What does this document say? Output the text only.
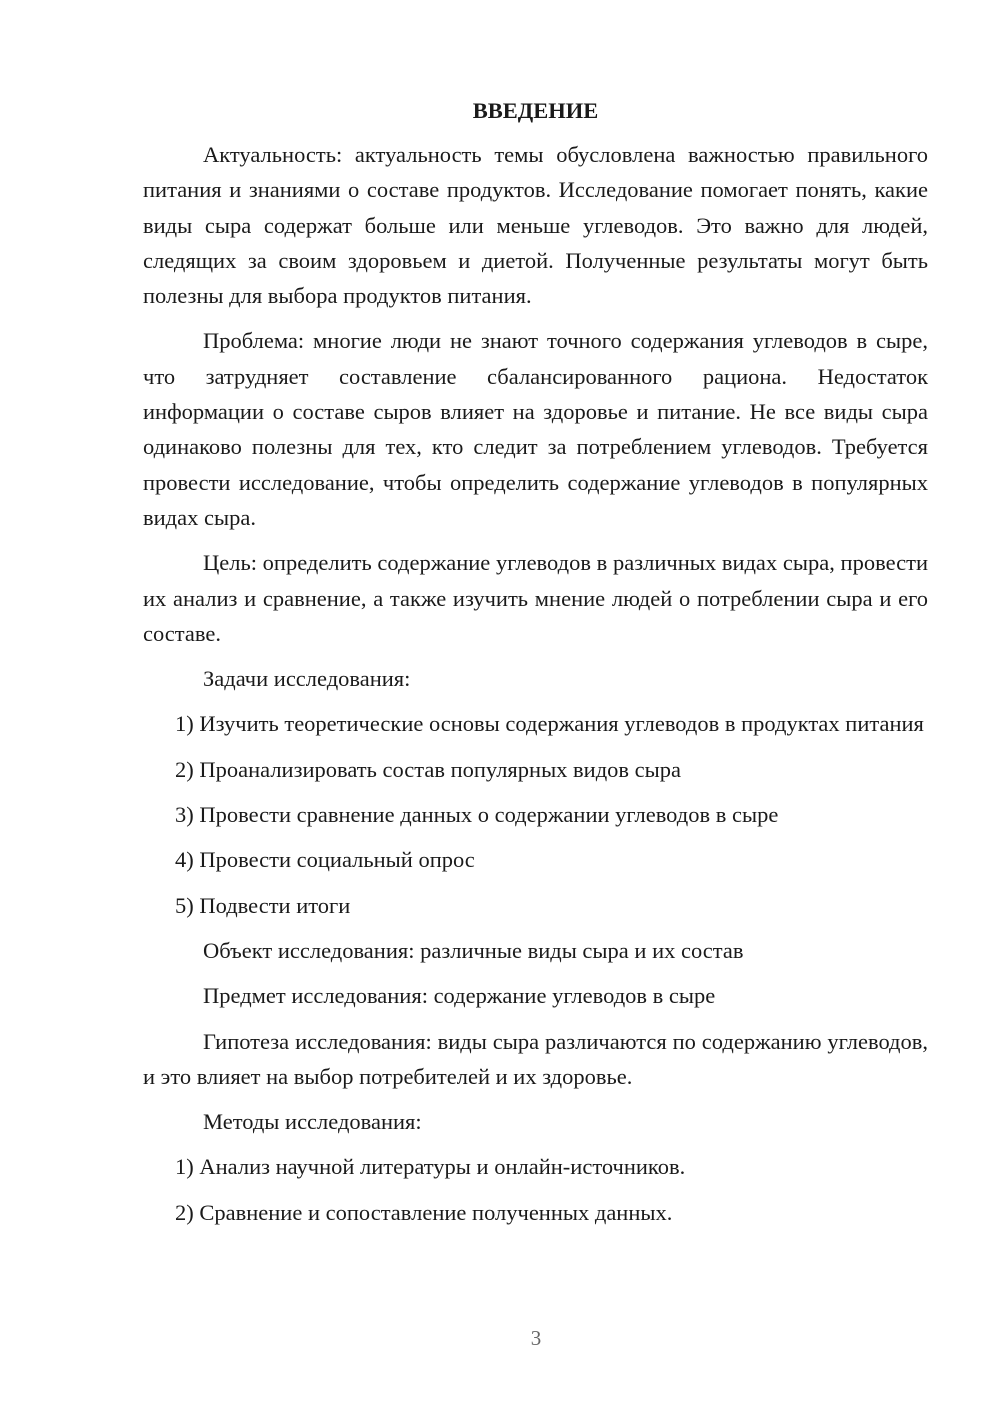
ВВЕДЕНИЕ
Актуальность: актуальность темы обусловлена важностью правильного питания и знаниями о составе продуктов. Исследование помогает понять, какие виды сыра содержат больше или меньше углеводов. Это важно для людей, следящих за своим здоровьем и диетой. Полученные результаты могут быть полезны для выбора продуктов питания.
Проблема: многие люди не знают точного содержания углеводов в сыре, что затрудняет составление сбалансированного рациона. Недостаток информации о составе сыров влияет на здоровье и питание. Не все виды сыра одинаково полезны для тех, кто следит за потреблением углеводов. Требуется провести исследование, чтобы определить содержание углеводов в популярных видах сыра.
Цель: определить содержание углеводов в различных видах сыра, провести их анализ и сравнение, а также изучить мнение людей о потреблении сыра и его составе.
Задачи исследования:
1) Изучить теоретические основы содержания углеводов в продуктах питания
2) Проанализировать состав популярных видов сыра
3) Провести сравнение данных о содержании углеводов в сыре
4) Провести социальный опрос
5) Подвести итоги
Объект исследования: различные виды сыра и их состав
Предмет исследования: содержание углеводов в сыре
Гипотеза исследования: виды сыра различаются по содержанию углеводов, и это влияет на выбор потребителей и их здоровье.
Методы исследования:
1) Анализ научной литературы и онлайн-источников.
2) Сравнение и сопоставление полученных данных.
3
